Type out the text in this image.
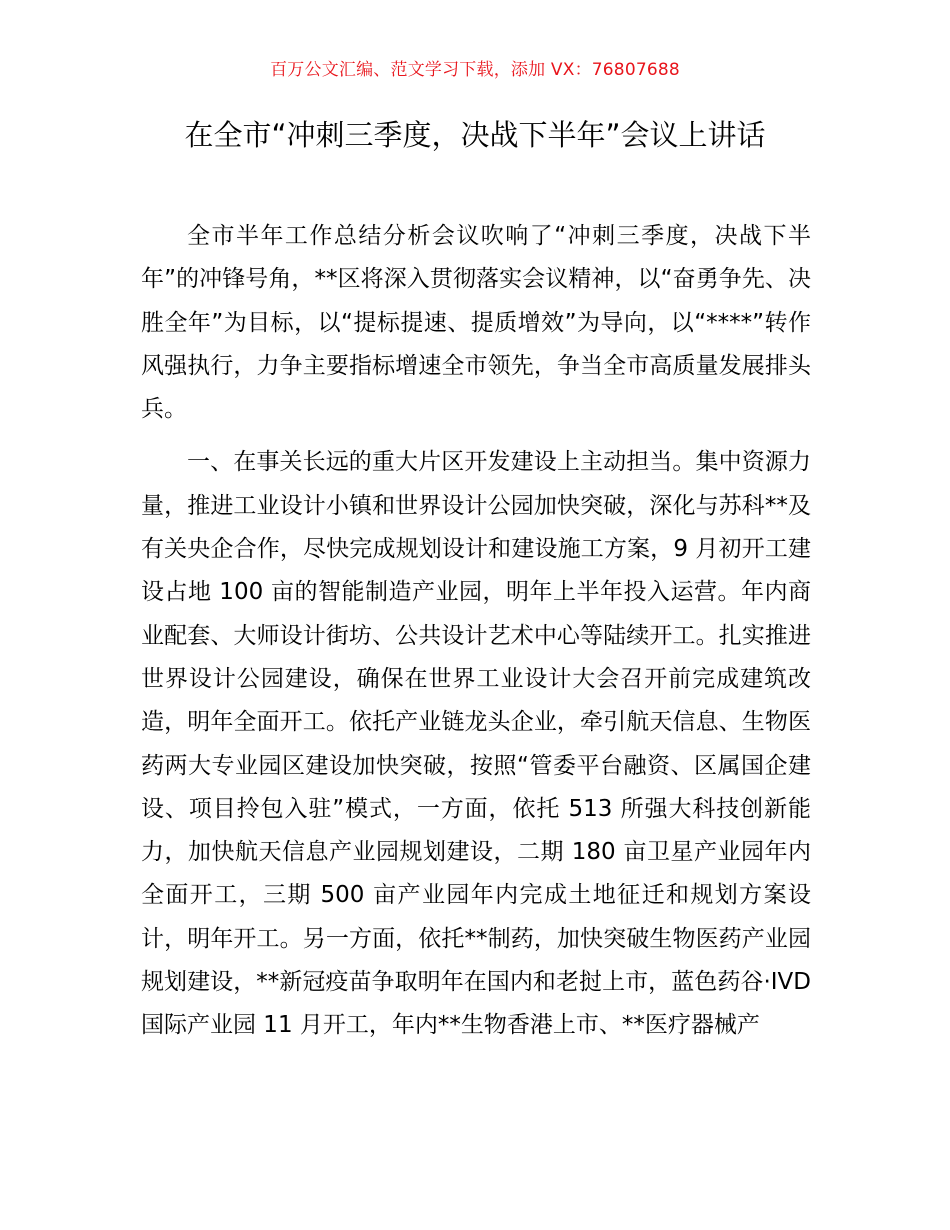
百万公文汇编、范文学习下载，添加 VX：76807688
在全市“冲刺三季度，决战下半年”会议上讲话

全市半年工作总结分析会议吹响了“冲刺三季度，决战下半年”的冲锋号角，**区将深入贯彻落实会议精神，以“奋勇争先、决胜全年”为目标，以“提标提速、提质增效”为导向，以“****”转作风强执行，力争主要指标增速全市领先，争当全市高质量发展排头兵。

一、在事关长远的重大片区开发建设上主动担当。集中资源力量，推进工业设计小镇和世界设计公园加快突破，深化与苏科**及有关央企合作，尽快完成规划设计和建设施工方案，9 月初开工建设占地 100 亩的智能制造产业园，明年上半年投入运营。年内商业配套、大师设计街坊、公共设计艺术中心等陆续开工。扎实推进世界设计公园建设，确保在世界工业设计大会召开前完成建筑改造，明年全面开工。依托产业链龙头企业，牵引航天信息、生物医药两大专业园区建设加快突破，按照“管委平台融资、区属国企建设、项目拎包入驻”模式，一方面，依托 513 所强大科技创新能力，加快航天信息产业园规划建设，二期 180 亩卫星产业园年内全面开工，三期 500 亩产业园年内完成土地征迁和规划方案设计，明年开工。另一方面，依托**制药，加快突破生物医药产业园规划建设，**新冠疫苗争取明年在国内和老挝上市，蓝色药谷·IVD 国际产业园 11 月开工，年内**生物香港上市、**医疗器械产
